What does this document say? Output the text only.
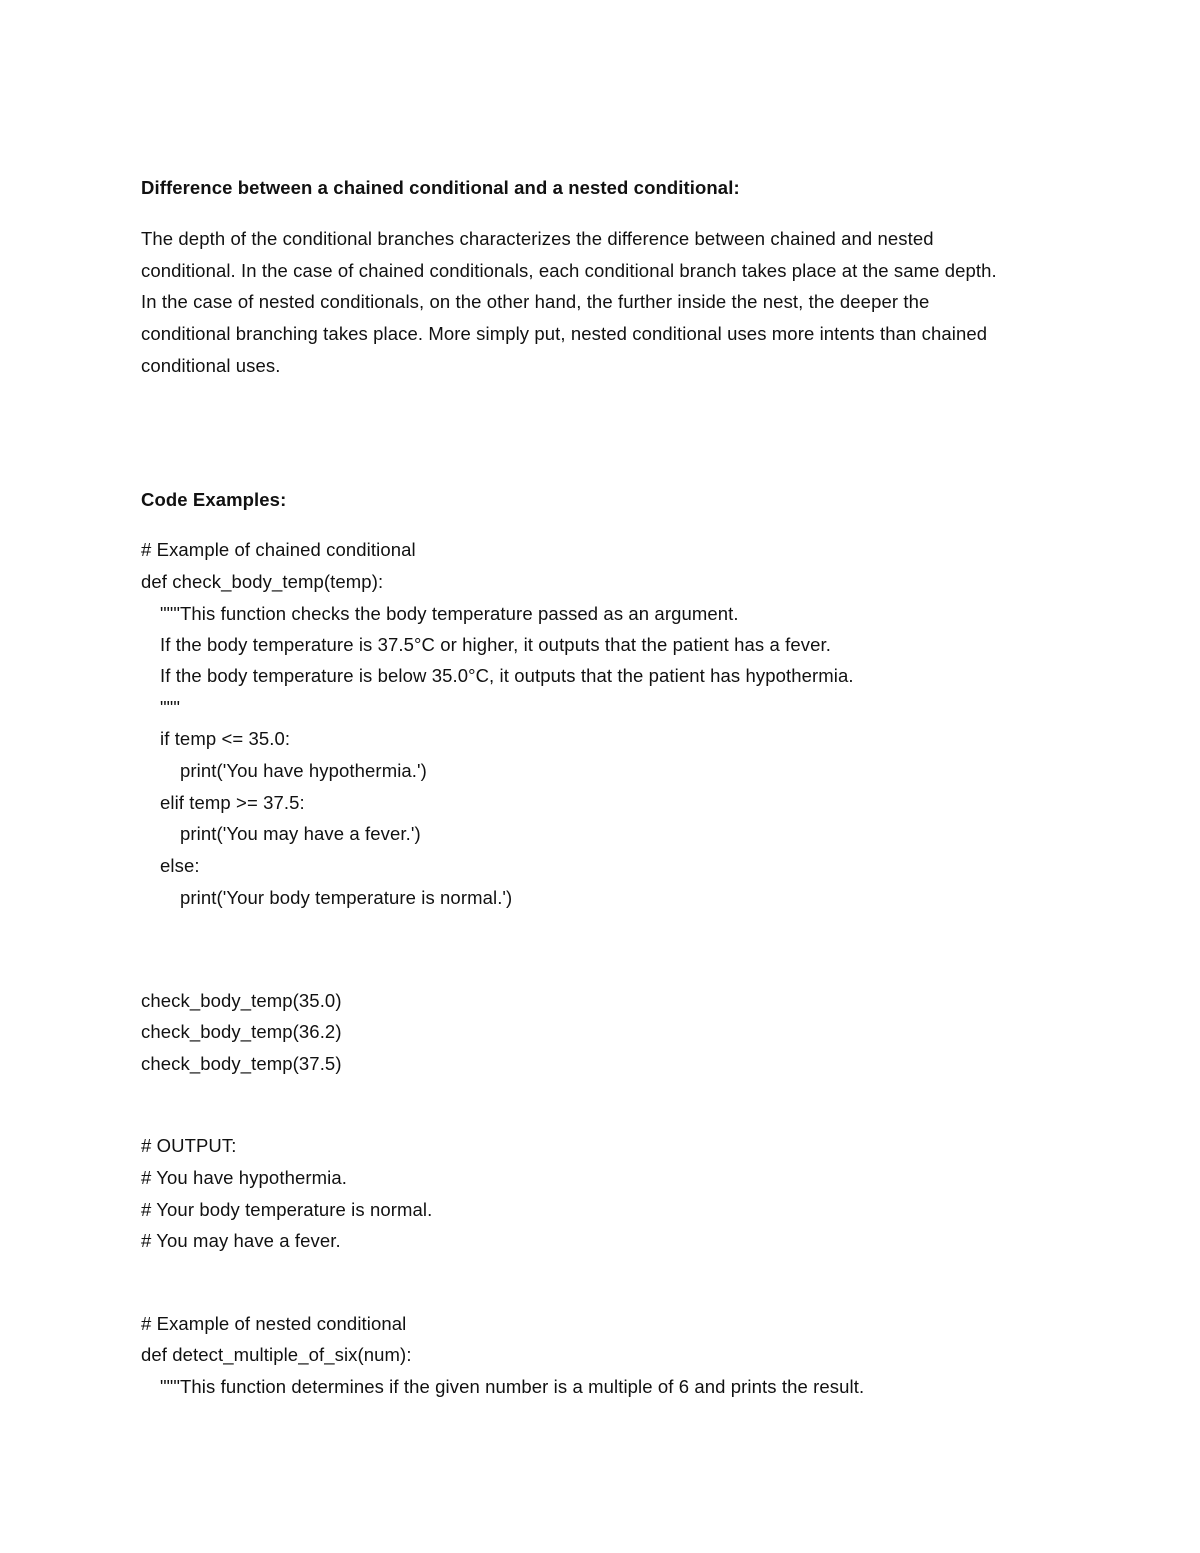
Difference between a chained conditional and a nested conditional:
The depth of the conditional branches characterizes the difference between chained and nested
conditional. In the case of chained conditionals, each conditional branch takes place at the same depth.
In the case of nested conditionals, on the other hand, the further inside the nest, the deeper the
conditional branching takes place. More simply put, nested conditional uses more intents than chained
conditional uses.
Code Examples:
# Example of chained conditional
def check_body_temp(temp):
"""This function checks the body temperature passed as an argument.
If the body temperature is 37.5°C or higher, it outputs that the patient has a fever.
If the body temperature is below 35.0°C, it outputs that the patient has hypothermia.
"""
if temp <= 35.0:
print('You have hypothermia.')
elif temp >= 37.5:
print('You may have a fever.')
else:
print('Your body temperature is normal.')
check_body_temp(35.0)
check_body_temp(36.2)
check_body_temp(37.5)
# OUTPUT:
# You have hypothermia.
# Your body temperature is normal.
# You may have a fever.
# Example of nested conditional
def detect_multiple_of_six(num):
"""This function determines if the given number is a multiple of 6 and prints the result.
